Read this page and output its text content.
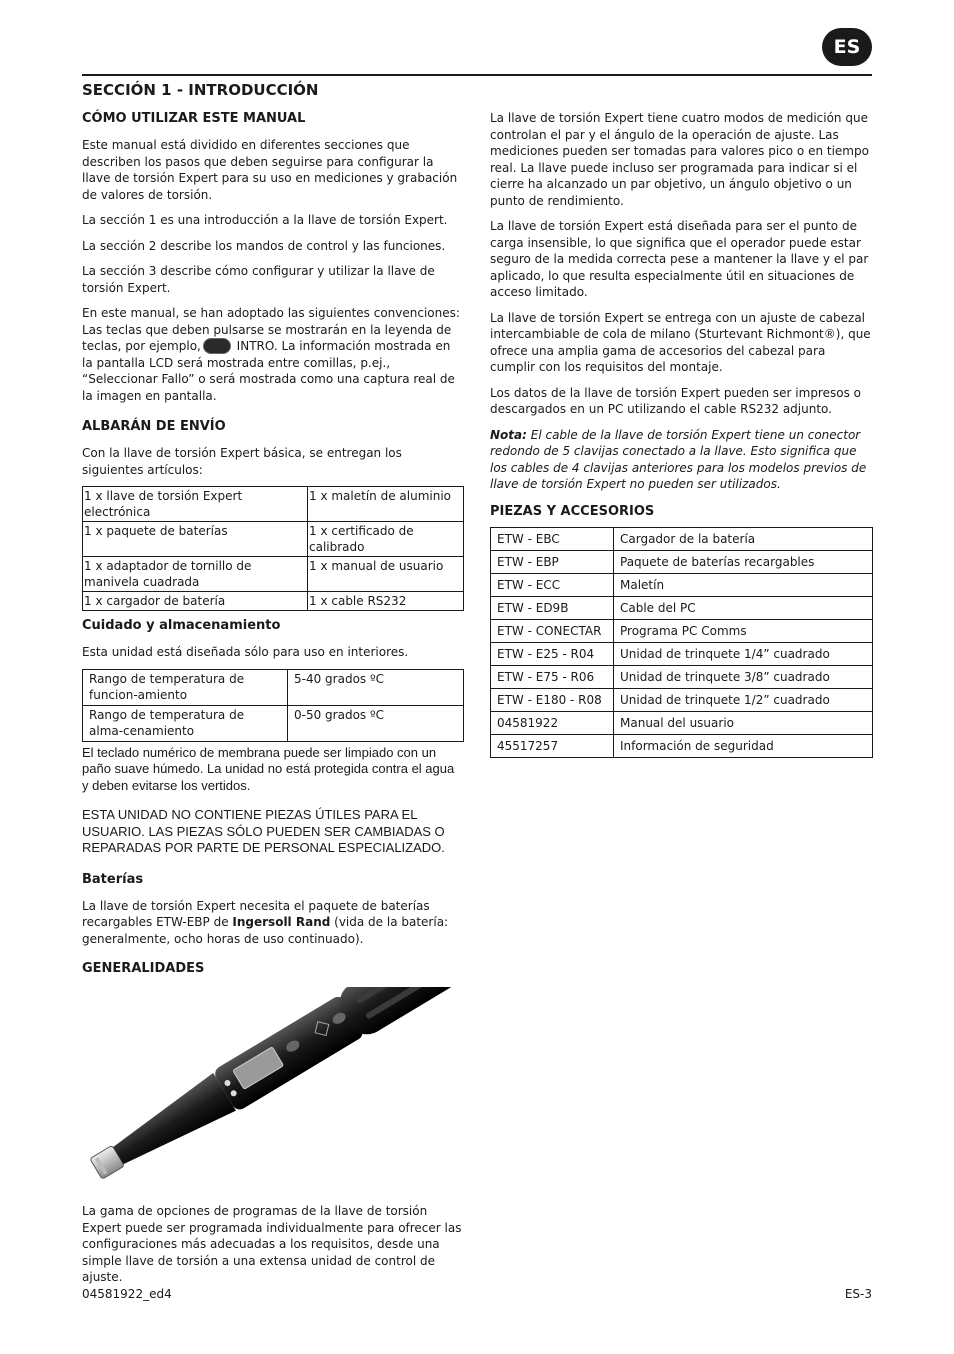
ES
SECCIÓN 1 - INTRODUCCIÓN
CÓMO UTILIZAR ESTE MANUAL

Este manual está dividido en diferentes secciones que describen los pasos que deben seguirse para configurar la llave de torsión Expert para su uso en mediciones y grabación de valores de torsión.

La sección 1 es una introducción a la llave de torsión Expert.

La sección 2 describe los mandos de control y las funciones.

La sección 3 describe cómo configurar y utilizar la llave de torsión Expert.

En este manual, se han adoptado las siguientes convenciones: Las teclas que deben pulsarse se mostrarán en la leyenda de teclas, por ejemplo,	INTRO. La información mostrada en la pantalla LCD será mostrada entre comillas, p.ej., “Seleccionar Fallo” o será mostrada como una captura real de la imagen en pantalla.

ALBARÁN DE ENVÍO

Con la llave de torsión Expert básica, se entregan los siguientes artículos:

1 x llave de torsión Expert electrónica	1 x maletín de aluminio
1 x paquete de baterías	1 x certificado de calibrado
1 x adaptador de tornillo de manivela cuadrada	1 x manual de usuario
1 x cargador de batería	1 x cable RS232
Cuidado y almacenamiento

Esta unidad está diseñada sólo para uso en interiores.

Rango de temperatura de funcion-amiento	5-40 grados ºC
Rango de temperatura de alma-cenamiento	0-50 grados ºC

El teclado numérico de membrana puede ser limpiado con un paño suave húmedo. La unidad no está protegida contra el agua y deben evitarse los vertidos.

ESTA UNIDAD NO CONTIENE PIEZAS ÚTILES PARA EL USUARIO. LAS PIEZAS SÓLO PUEDEN SER CAMBIADAS O REPARADAS POR PARTE DE PERSONAL ESPECIALIZADO.

Baterías

La llave de torsión Expert necesita el paquete de baterías recargables ETW-EBP de Ingersoll Rand (vida de la batería: generalmente, ocho horas de uso continuado).

GENERALIDADES

La gama de opciones de programas de la llave de torsión Expert puede ser programada individualmente para ofrecer las configuraciones más adecuadas a los requisitos, desde una simple llave de torsión a una extensa unidad de control de ajuste.

La llave de torsión Expert tiene cuatro modos de medición que controlan el par y el ángulo de la operación de ajuste. Las mediciones pueden ser tomadas para valores pico o en tiempo real. La llave puede incluso ser programada para indicar si el cierre ha alcanzado un par objetivo, un ángulo objetivo o un punto de rendimiento.

La llave de torsión Expert está diseñada para ser el punto de carga insensible, lo que significa que el operador puede estar seguro de la medida correcta pese a mantener la llave y el par aplicado, lo que resulta especialmente útil en situaciones de acceso limitado.

La llave de torsión Expert se entrega con un ajuste de cabezal intercambiable de cola de milano (Sturtevant Richmont®), que ofrece una amplia gama de accesorios del cabezal para cumplir con los requisitos del montaje.

Los datos de la llave de torsión Expert pueden ser impresos o descargados en un PC utilizando el cable RS232 adjunto.

Nota: El cable de la llave de torsión Expert tiene un conector redondo de 5 clavijas conectado a la llave. Esto significa que los cables de 4 clavijas anteriores para los modelos previos de llave de torsión Expert no pueden ser utilizados.

PIEZAS Y ACCESORIOS
ETW - EBC	Cargador de la batería
ETW - EBP	Paquete de baterías recargables
ETW - ECC	Maletín
ETW - ED9B	Cable del PC
ETW - CONECTAR	Programa PC Comms
ETW - E25 - R04	Unidad de trinquete 1/4” cuadrado
ETW - E75 - R06	Unidad de trinquete 3/8” cuadrado
ETW - E180 - R08	Unidad de trinquete 1/2” cuadrado
04581922	Manual del usuario
45517257	Información de seguridad
04581922_ed4	ES-3
